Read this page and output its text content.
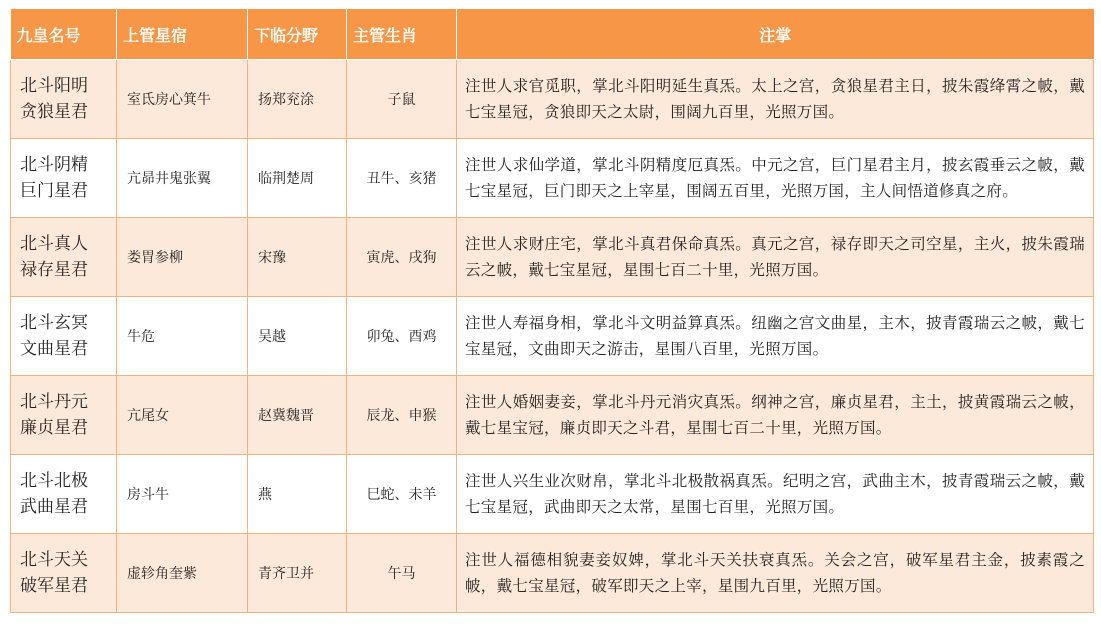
九皇名号	上管星宿	下临分野	主管生肖	注掌
北斗阳明
贪狼星君	室氐房心箕牛	扬郑兖涂	子鼠	注世人求官觅职，掌北斗阳明延生真炁。太上之宫，贪狼星君主日，披朱霞绛霄之帔，戴七宝星冠，贪狼即天之太尉，围阔九百里，光照万国。
北斗阴精
巨门星君	亢昴井鬼张翼	临荆楚周	丑牛、亥猪	注世人求仙学道，掌北斗阴精度厄真炁。中元之宫，巨门星君主月，披玄霞垂云之帔，戴七宝星冠，巨门即天之上宰星，围阔五百里，光照万国，主人间悟道修真之府。
北斗真人
禄存星君	娄胃参柳	宋豫	寅虎、戌狗	注世人求财庄宅，掌北斗真君保命真炁。真元之宫，禄存即天之司空星，主火，披朱霞瑞云之帔，戴七宝星冠，星围七百二十里，光照万国。
北斗玄冥
文曲星君	牛危	吴越	卯兔、酉鸡	注世人寿福身相，掌北斗文明益算真炁。纽幽之宫文曲星，主木，披青霞瑞云之帔，戴七宝星冠，文曲即天之游击，星围八百里，光照万国。
北斗丹元
廉贞星君	亢尾女	赵冀魏晋	辰龙、申猴	注世人婚姻妻妾，掌北斗丹元消灾真炁。纲神之宫，廉贞星君，主土，披黄霞瑞云之帔，戴七星宝冠，廉贞即天之斗君，星围七百二十里，光照万国。
北斗北极
武曲星君	房斗牛	燕	巳蛇、未羊	注世人兴生业次财帛，掌北斗北极散祸真炁。纪明之宫，武曲主木，披青霞瑞云之帔，戴七宝星冠，武曲即天之太常，星围七百里，光照万国。
北斗天关
破军星君	虚轸角奎紫	青齐卫并	午马	注世人福德相貌妻妾奴婢，掌北斗天关扶衰真炁。关会之宫，破军星君主金，披素霞之帔，戴七宝星冠，破军即天之上宰，星围九百里，光照万国。
